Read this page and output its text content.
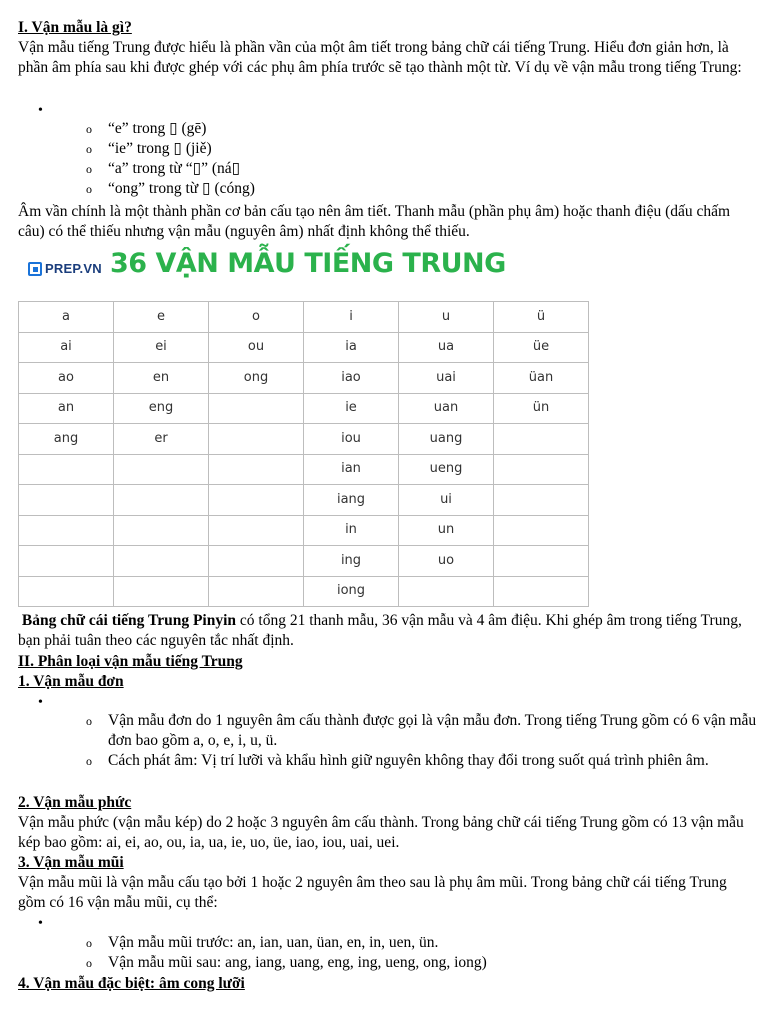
I. Vận mẫu là gì?

Vận mẫu tiếng Trung được hiểu là phần vần của một âm tiết trong bảng chữ cái tiếng Trung. Hiểu đơn giản hơn, là phần âm phía sau khi được ghép với các phụ âm phía trước sẽ tạo thành một từ. Ví dụ về vận mẫu trong tiếng Trung:

•
o “e” trong ▯ (gē)
o “ie” trong ▯ (jiě)
o “a” trong từ “▯” (ná▯
o “ong” trong từ ▯ (cóng)

Âm vần chính là một thành phần cơ bản cấu tạo nên âm tiết. Thanh mẫu (phần phụ âm) hoặc thanh điệu (dấu chấm câu) có thể thiếu nhưng vận mẫu (nguyên âm) nhất định không thể thiếu.

PREP.VN 36 VẬN MẪU TIẾNG TRUNG
a	e	o	i	u	ü
ai	ei	ou	ia	ua	üe
ao	en	ong	iao	uai	üan
an	eng		ie	uan	ün
ang	er		iou	uang	
			ian	ueng	
			iang	ui	
			in	un	
			ing	uo	
			iong		

Bảng chữ cái tiếng Trung Pinyin có tổng 21 thanh mẫu, 36 vận mẫu và 4 âm điệu. Khi ghép âm trong tiếng Trung, bạn phải tuân theo các nguyên tắc nhất định.

II. Phân loại vận mẫu tiếng Trung

1. Vận mẫu đơn

•
o Vận mẫu đơn do 1 nguyên âm cấu thành được gọi là vận mẫu đơn. Trong tiếng Trung gồm có 6 vận mẫu đơn bao gồm a, o, e, i, u, ü.
o Cách phát âm: Vị trí lưỡi và khẩu hình giữ nguyên không thay đổi trong suốt quá trình phiên âm.

2. Vận mẫu phức

Vận mẫu phức (vận mẫu kép) do 2 hoặc 3 nguyên âm cấu thành. Trong bảng chữ cái tiếng Trung gồm có 13 vận mẫu kép bao gồm: ai, ei, ao, ou, ia, ua, ie, uo, üe, iao, iou, uai, uei.

3. Vận mẫu mũi

Vận mẫu mũi là vận mẫu cấu tạo bởi 1 hoặc 2 nguyên âm theo sau là phụ âm mũi. Trong bảng chữ cái tiếng Trung gồm có 16 vận mẫu mũi, cụ thể:

•
o Vận mẫu mũi trước: an, ian, uan, üan, en, in, uen, ün.
o Vận mẫu mũi sau: ang, iang, uang, eng, ing, ueng, ong, iong)

4. Vận mẫu đặc biệt: âm cong lưỡi
